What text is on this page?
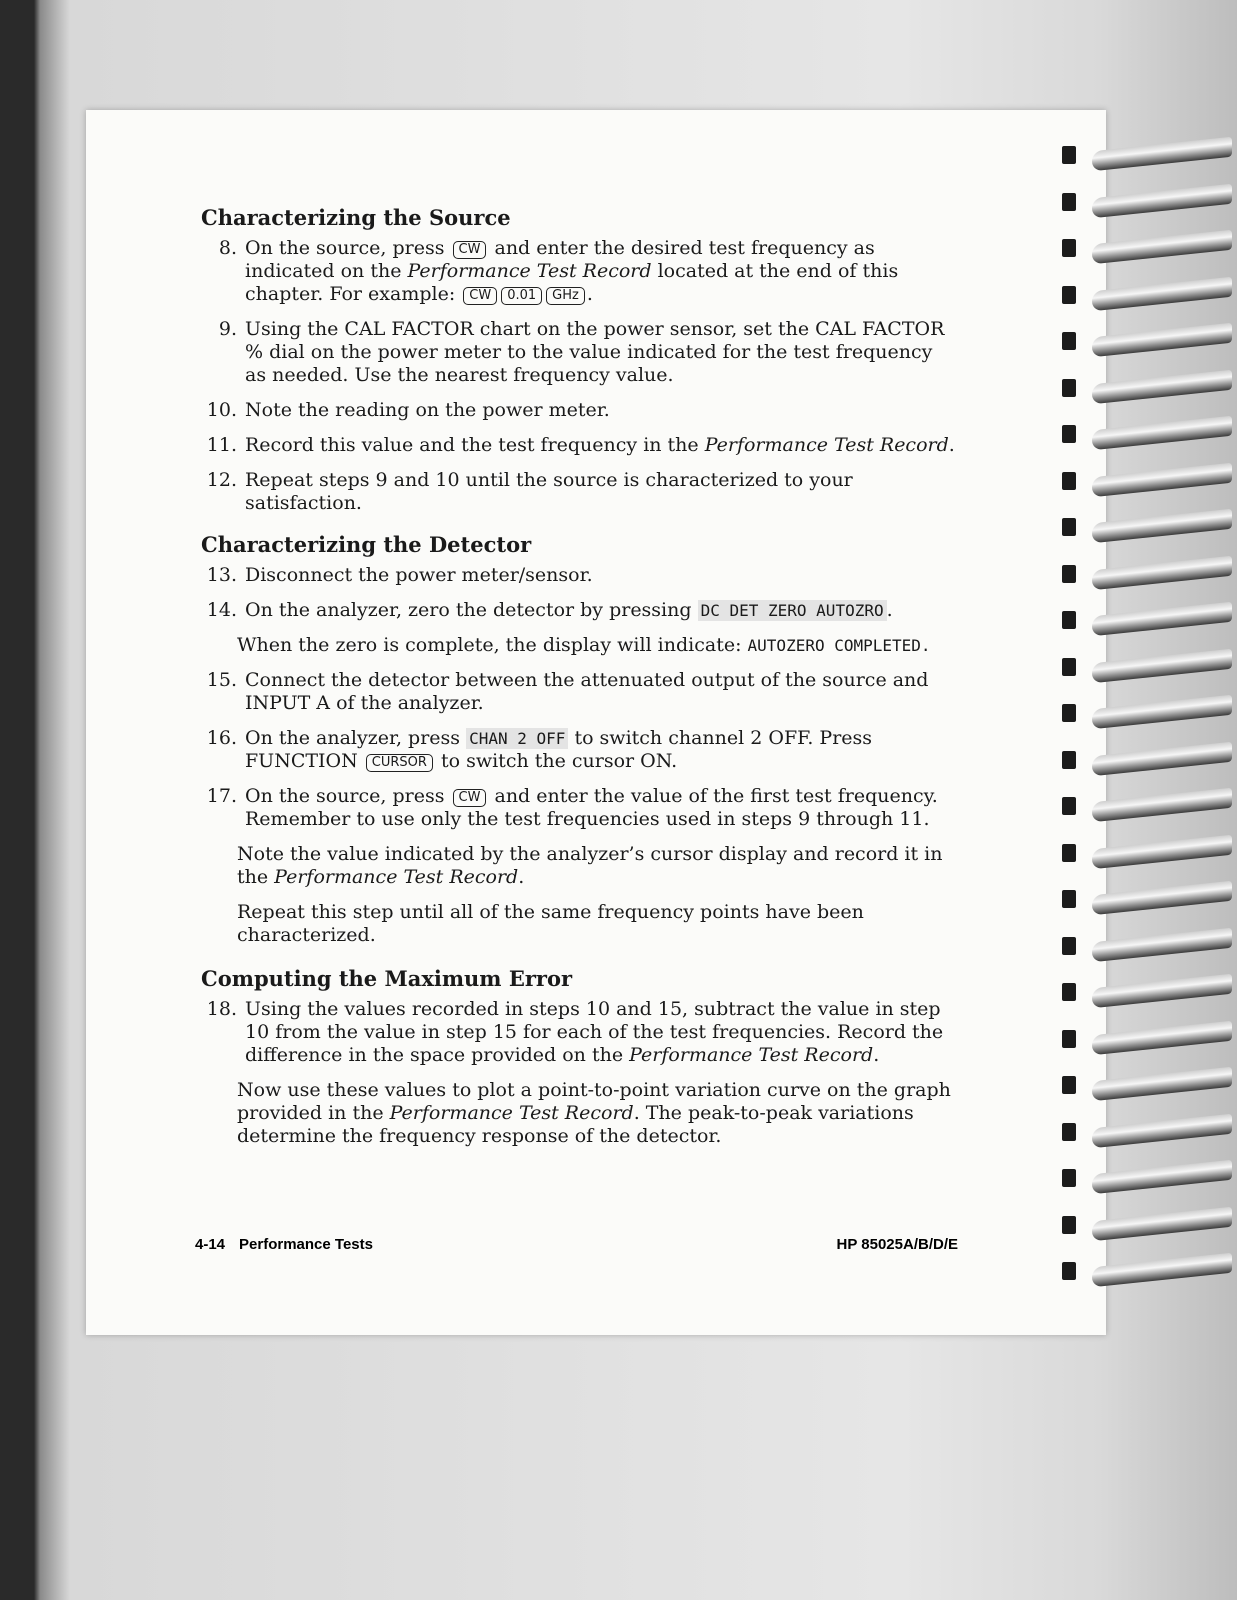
Characterizing the Source
8. On the source, press CW and enter the desired test frequency as indicated on the Performance Test Record located at the end of this chapter. For example: CW 0.01 GHz .
9. Using the CAL FACTOR chart on the power sensor, set the CAL FACTOR % dial on the power meter to the value indicated for the test frequency as needed. Use the nearest frequency value.
10. Note the reading on the power meter.
11. Record this value and the test frequency in the Performance Test Record.
12. Repeat steps 9 and 10 until the source is characterized to your satisfaction.
Characterizing the Detector
13. Disconnect the power meter/sensor.
14. On the analyzer, zero the detector by pressing DC DET ZERO AUTOZRO .
When the zero is complete, the display will indicate: AUTOZERO COMPLETED.
15. Connect the detector between the attenuated output of the source and INPUT A of the analyzer.
16. On the analyzer, press CHAN 2 OFF to switch channel 2 OFF. Press FUNCTION CURSOR to switch the cursor ON.
17. On the source, press CW and enter the value of the first test frequency. Remember to use only the test frequencies used in steps 9 through 11.
Note the value indicated by the analyzer’s cursor display and record it in the Performance Test Record.
Repeat this step until all of the same frequency points have been characterized.
Computing the Maximum Error
18. Using the values recorded in steps 10 and 15, subtract the value in step 10 from the value in step 15 for each of the test frequencies. Record the difference in the space provided on the Performance Test Record.
Now use these values to plot a point-to-point variation curve on the graph provided in the Performance Test Record. The peak-to-peak variations determine the frequency response of the detector.
4-14 Performance Tests	HP 85025A/B/D/E
